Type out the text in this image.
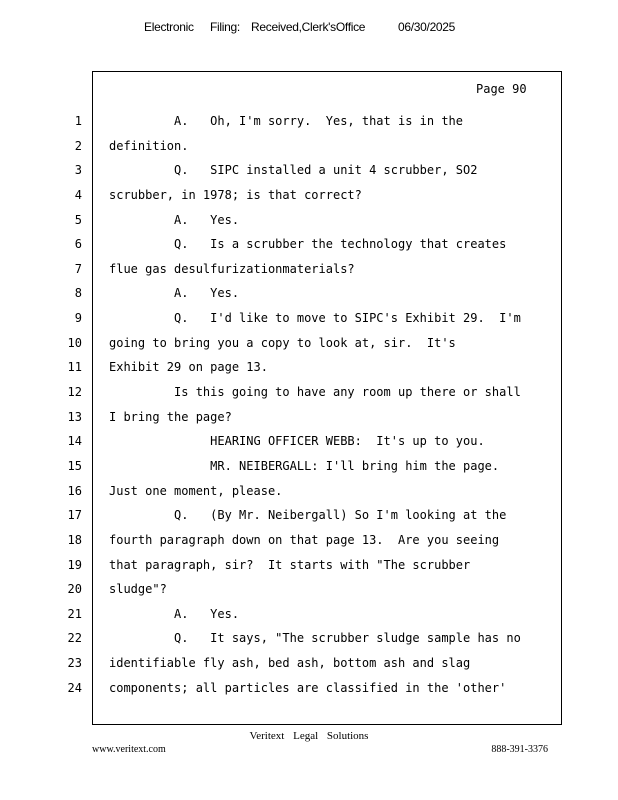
Electronic Filing: Received,Clerk'sOffice	06/30/2025
Page 90
1
2
3
4
5
6
7
8
9
10
11
12
13
14
15
16
17
18
19
20
21
22
23
24
A.   Oh, I'm sorry.  Yes, that is in the
definition.
Q.   SIPC installed a unit 4 scrubber, SO2
scrubber, in 1978; is that correct?
A.   Yes.
Q.   Is a scrubber the technology that creates
flue gas desulfurizationmaterials?
A.   Yes.
Q.   I'd like to move to SIPC's Exhibit 29.  I'm
going to bring you a copy to look at, sir.  It's
Exhibit 29 on page 13.
Is this going to have any room up there or shall
I bring the page?
HEARING OFFICER WEBB:  It's up to you.
MR. NEIBERGALL: I'll bring him the page.
Just one moment, please.
Q.   (By Mr. Neibergall) So I'm looking at the
fourth paragraph down on that page 13.  Are you seeing
that paragraph, sir?  It starts with "The scrubber
sludge"?
A.   Yes.
Q.   It says, "The scrubber sludge sample has no
identifiable fly ash, bed ash, bottom ash and slag
components; all particles are classified in the 'other'
Veritext Legal Solutions
www.veritext.com	888-391-3376
